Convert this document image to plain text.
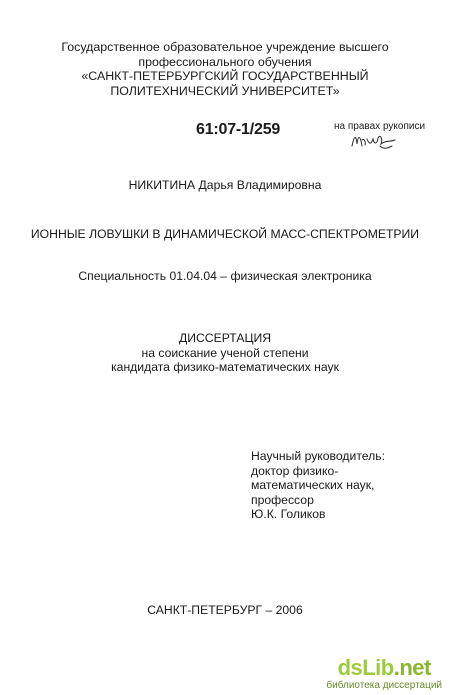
Государственное образовательное учреждение высшего
профессионального обучения
«САНКТ-ПЕТЕРБУРГСКИЙ ГОСУДАРСТВЕННЫЙ
ПОЛИТЕХНИЧЕСКИЙ УНИВЕРСИТЕТ»
61:07-1/259	на правах рукописи
НИКИТИНА Дарья Владимировна
ИОННЫЕ ЛОВУШКИ В ДИНАМИЧЕСКОЙ МАСС-СПЕКТРОМЕТРИИ
Специальность 01.04.04 – физическая электроника
ДИССЕРТАЦИЯ
на соискание ученой степени
кандидата физико-математических наук
Научный руководитель:
доктор физико-
математических наук,
профессор
Ю.К. Голиков
САНКТ-ПЕТЕРБУРГ – 2006
dsLib.net
библиотека диссертаций
